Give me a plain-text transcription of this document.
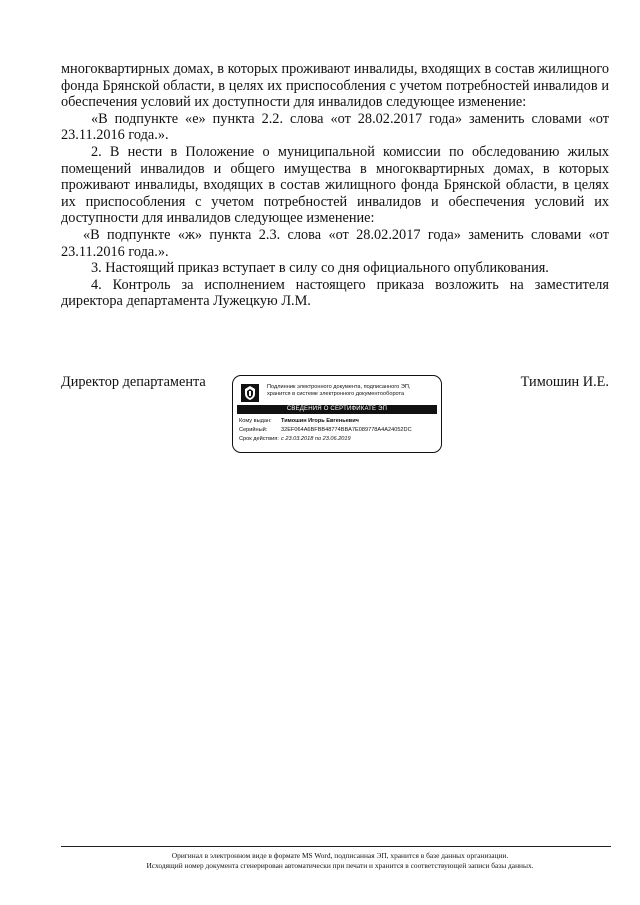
многоквартирных домах, в которых проживают инвалиды, входящих в состав жилищного фонда Брянской области, в целях их приспособления с учетом потребностей инвалидов и обеспечения условий их доступности для инвалидов следующее изменение:

«В подпункте «е» пункта 2.2. слова «от 28.02.2017 года» заменить словами «от 23.11.2016 года.».

2. В нести в Положение о муниципальной комиссии по обследованию жилых помещений инвалидов и общего имущества в многоквартирных домах, в которых проживают инвалиды, входящих в состав жилищного фонда Брянской области, в целях их приспособления с учетом потребностей инвалидов и обеспечения условий их доступности для инвалидов следующее изменение:

«В подпункте «ж» пункта 2.3. слова «от 28.02.2017 года» заменить словами «от 23.11.2016 года.».

3. Настоящий приказ вступает в силу со дня официального опубликования.

4. Контроль за исполнением настоящего приказа возложить на заместителя директора департамента Лужецкую Л.М.

Директор департамента	Тимошин И.Е.
Подлинник электронного документа, подписанного ЭП, хранится в системе электронного документооборота
СВЕДЕНИЯ О СЕРТИФИКАТЕ ЭП
Кому выдан:	Тимошин Игорь Евгеньевич
Серийный:	32EF064A6BFBB48774BBA7E089778A4A24052DC
Срок действия: с 23.03.2018 по 23.06.2019
Оригинал в электронном виде в формате MS Word, подписанная ЭП, хранится в базе данных организации.
Исходящий номер документа сгенерирован автоматически при печати и хранится в соответствующей записи базы данных.
